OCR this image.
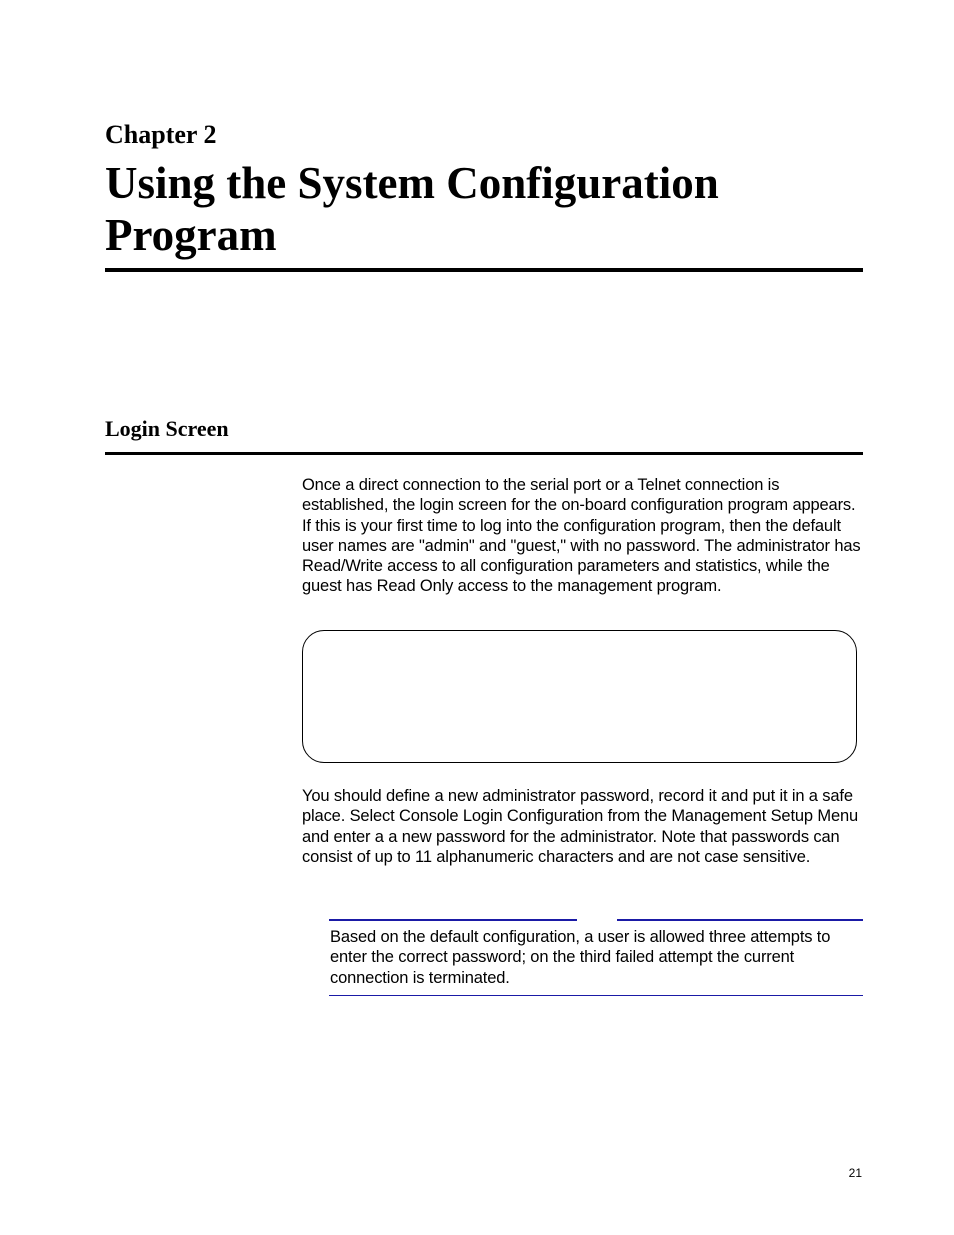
Chapter 2
Using the System Configuration Program
Login Screen

Once a direct connection to the serial port or a Telnet connection is established, the login screen for the on-board configuration program appears. If this is your first time to log into the configuration program, then the default user names are "admin" and "guest," with no password. The administrator has Read/Write access to all configuration parameters and statistics, while the guest has Read Only access to the management program.

You should define a new administrator password, record it and put it in a safe place. Select Console Login Configuration from the Management Setup Menu and enter a a new password for the administrator. Note that passwords can consist of up to 11 alphanumeric characters and are not case sensitive.

Based on the default configuration, a user is allowed three attempts to enter the correct password; on the third failed attempt the current connection is terminated.

21
